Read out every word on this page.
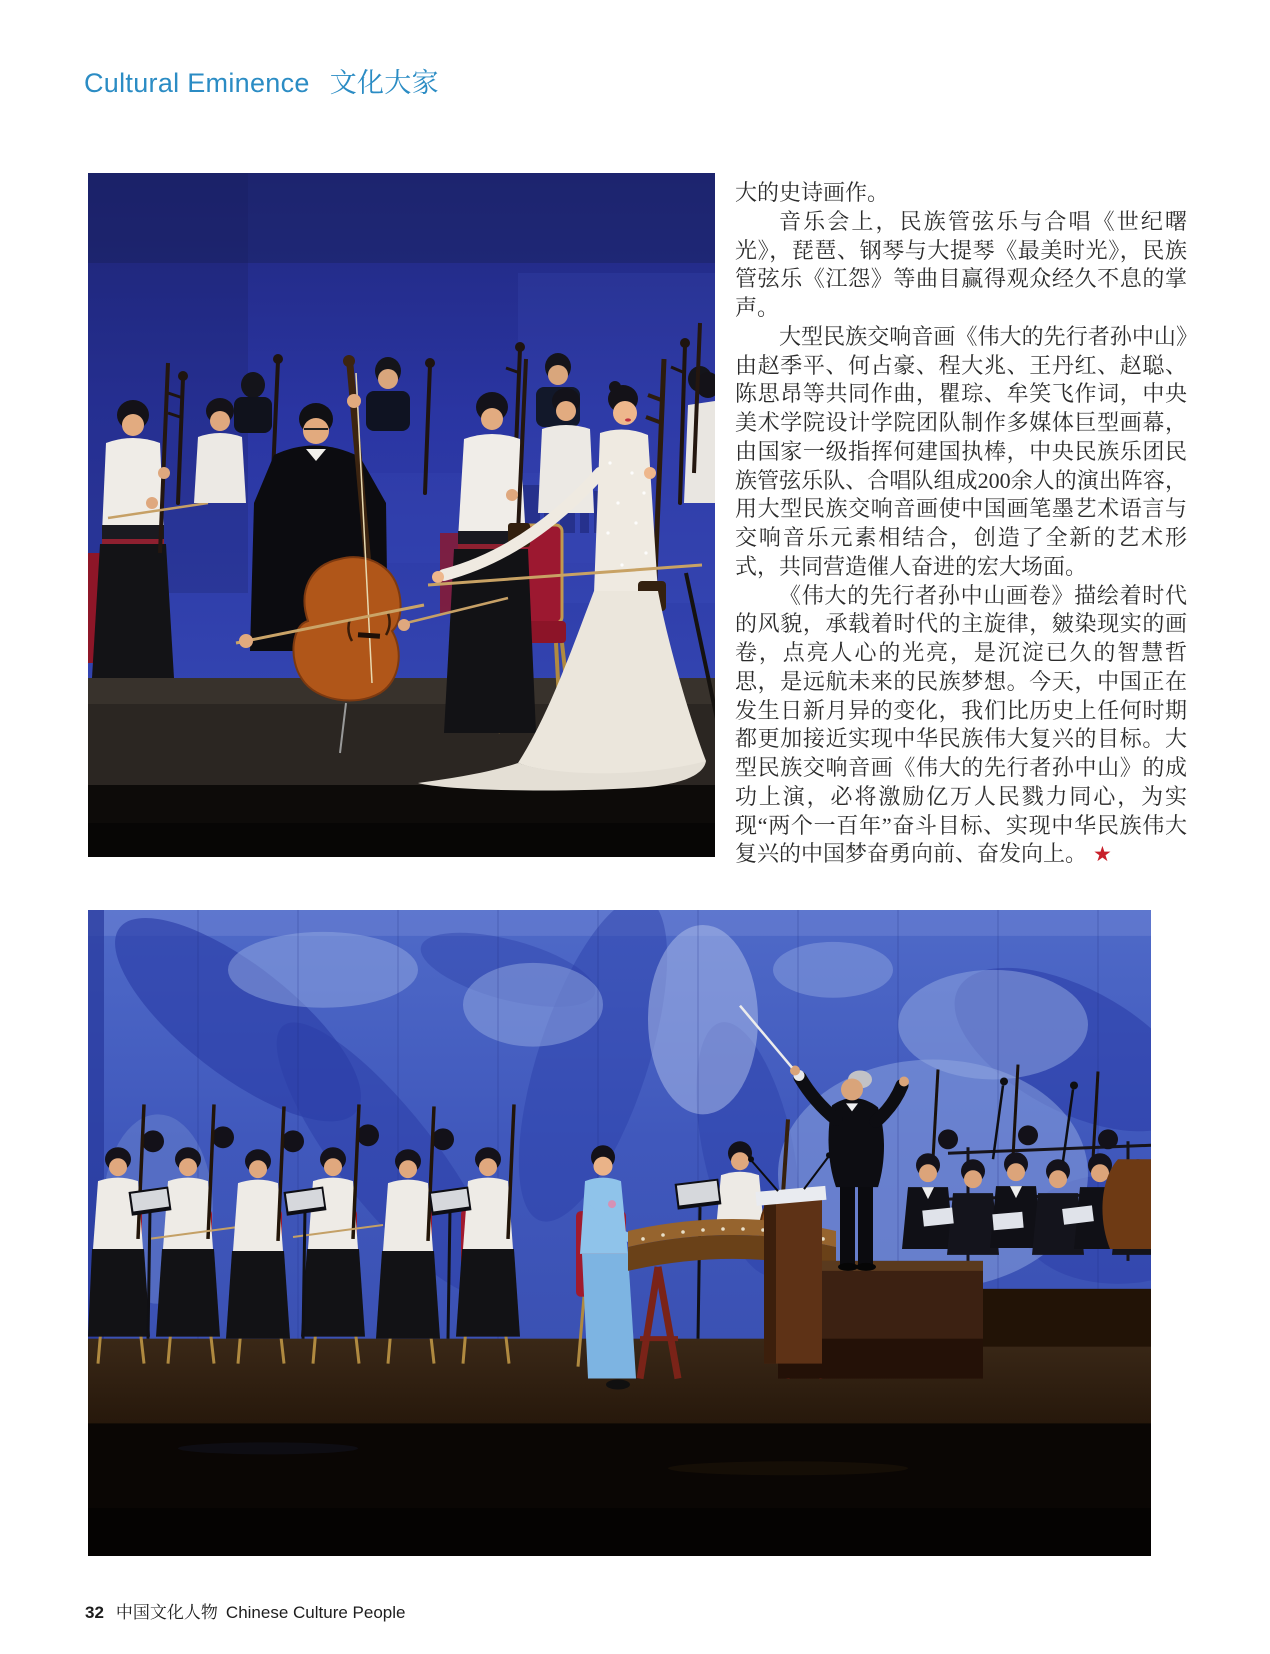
Cultural Eminence 文化大家

大的史诗画作。

音乐会上，民族管弦乐与合唱《世纪曙光》，琵琶、钢琴与大提琴《最美时光》，民族管弦乐《江怨》等曲目赢得观众经久不息的掌声。

大型民族交响音画《伟大的先行者孙中山》由赵季平、何占豪、程大兆、王丹红、赵聪、陈思昂等共同作曲，瞿琮、牟笑飞作词，中央美术学院设计学院团队制作多媒体巨型画幕，由国家一级指挥何建国执棒，中央民族乐团民族管弦乐队、合唱队组成200余人的演出阵容，用大型民族交响音画使中国画笔墨艺术语言与交响音乐元素相结合，创造了全新的艺术形式，共同营造催人奋进的宏大场面。

《伟大的先行者孙中山画卷》描绘着时代的风貌，承载着时代的主旋律，皴染现实的画卷，点亮人心的光亮，是沉淀已久的智慧哲思，是远航未来的民族梦想。今天，中国正在发生日新月异的变化，我们比历史上任何时期都更加接近实现中华民族伟大复兴的目标。大型民族交响音画《伟大的先行者孙中山》的成功上演，必将激励亿万人民戮力同心，为实现“两个一百年”奋斗目标、实现中华民族伟大复兴的中国梦奋勇向前、奋发向上。 ★

32 中国文化人物 Chinese Culture People
